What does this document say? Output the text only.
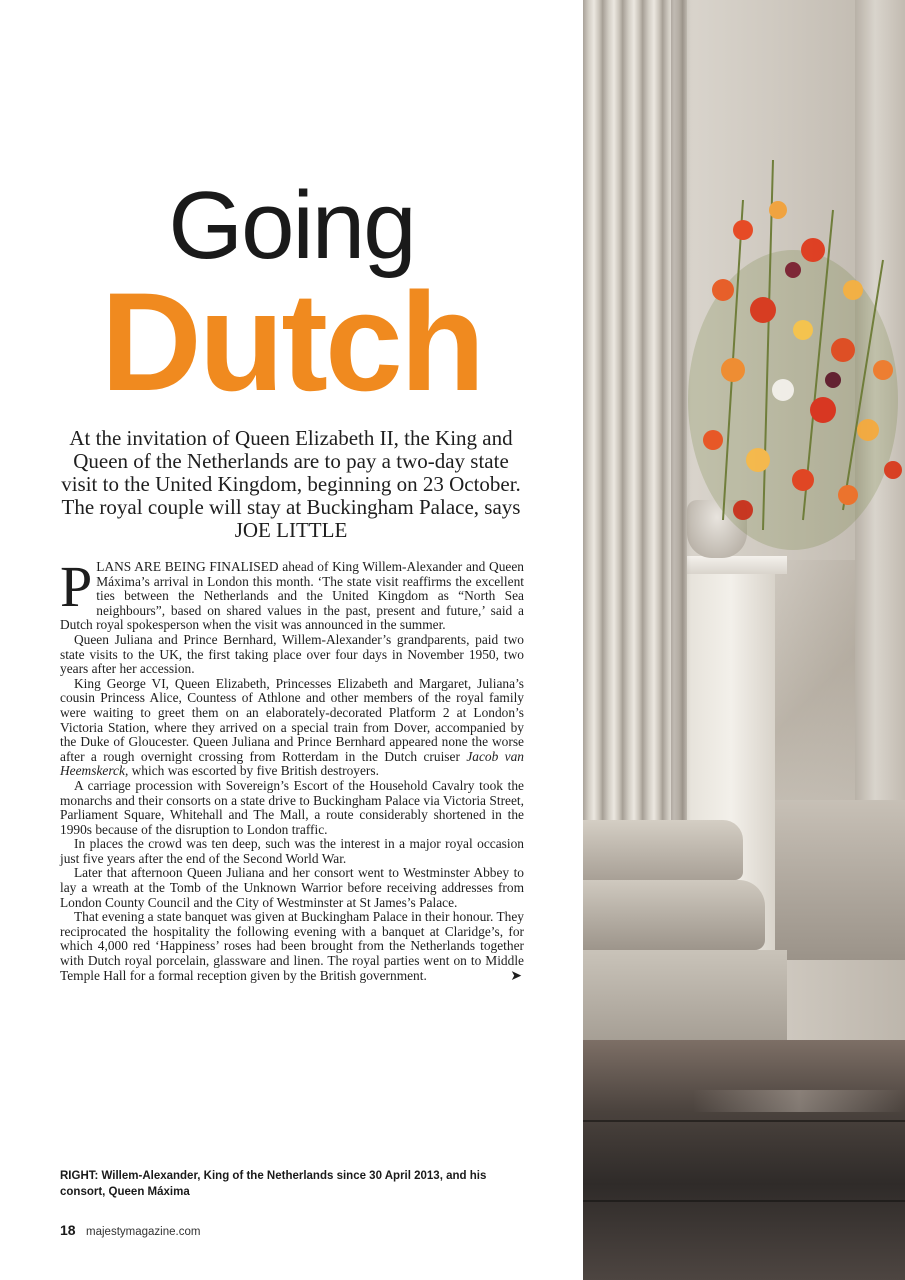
Going
Dutch
At the invitation of Queen Elizabeth II, the King and Queen of the Netherlands are to pay a two-day state visit to the United Kingdom, beginning on 23 October. The royal couple will stay at Buckingham Palace, says JOE LITTLE

PLANS ARE BEING FINALISED ahead of King Willem-Alexander and Queen Máxima’s arrival in London this month. ‘The state visit reaffirms the excellent ties between the Netherlands and the United Kingdom as “North Sea neighbours”, based on shared values in the past, present and future,’ said a Dutch royal spokesperson when the visit was announced in the summer.

Queen Juliana and Prince Bernhard, Willem-Alexander’s grandparents, paid two state visits to the UK, the first taking place over four days in November 1950, two years after her accession.

King George VI, Queen Elizabeth, Princesses Elizabeth and Margaret, Juliana’s cousin Princess Alice, Countess of Athlone and other members of the royal family were waiting to greet them on an elaborately-decorated Platform 2 at London’s Victoria Station, where they arrived on a special train from Dover, accompanied by the Duke of Gloucester. Queen Juliana and Prince Bernhard appeared none the worse after a rough overnight crossing from Rotterdam in the Dutch cruiser Jacob van Heemskerck, which was escorted by five British destroyers.

A carriage procession with Sovereign’s Escort of the Household Cavalry took the monarchs and their consorts on a state drive to Buckingham Palace via Victoria Street, Parliament Square, Whitehall and The Mall, a route considerably shortened in the 1990s because of the disruption to London traffic.

In places the crowd was ten deep, such was the interest in a major royal occasion just five years after the end of the Second World War.

Later that afternoon Queen Juliana and her consort went to Westminster Abbey to lay a wreath at the Tomb of the Unknown Warrior before receiving addresses from London County Council and the City of Westminster at St James’s Palace.

That evening a state banquet was given at Buckingham Palace in their honour. They reciprocated the hospitality the following evening with a banquet at Claridge’s, for which 4,000 red ‘Happiness’ roses had been brought from the Netherlands together with Dutch royal porcelain, glassware and linen. The royal parties went on to Middle Temple Hall for a formal reception given by the British government.	➤

RIGHT: Willem-Alexander, King of the Netherlands since 30 April 2013, and his consort, Queen Máxima
18 majestymagazine.com
